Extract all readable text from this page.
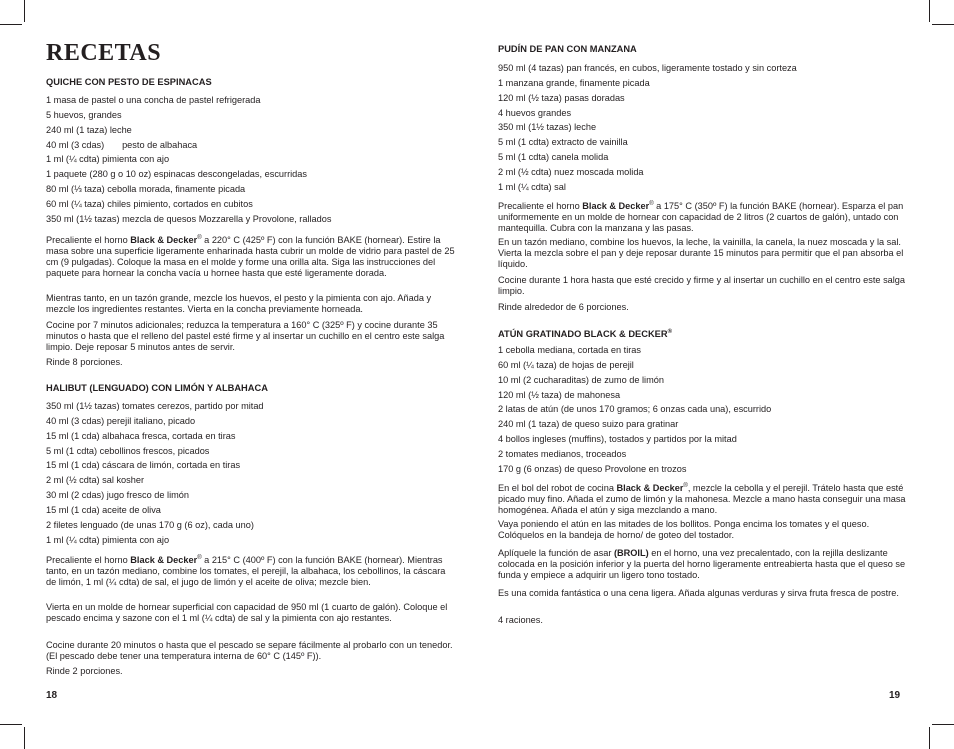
RECETAS
QUICHE CON PESTO DE ESPINACAS
1 masa de pastel o una concha de pastel refrigerada
5 huevos, grandes
240 ml (1 taza) leche
40 ml (3 cdas)       pesto de albahaca
1 ml (¼ cdta) pimienta con ajo
1 paquete (280 g o 10 oz) espinacas descongeladas, escurridas
80 ml (⅓ taza) cebolla morada, finamente picada
60 ml (¼ taza) chiles pimiento, cortados en cubitos
350 ml (1½ tazas) mezcla de quesos Mozzarella y Provolone, rallados

Precaliente el horno Black & Decker® a 220° C (425º F) con la función BAKE (hornear). Estire la masa sobre una superficie ligeramente enharinada hasta cubrir un molde de vidrio para pastel de 25 cm (9 pulgadas). Coloque la masa en el molde y forme una orilla alta. Siga las instrucciones del paquete para hornear la concha vacía u hornee hasta que esté ligeramente dorada.

Mientras tanto, en un tazón grande, mezcle los huevos, el pesto y la pimienta con ajo. Añada y mezcle los ingredientes restantes. Vierta en la concha previamente horneada.

Cocine por 7 minutos adicionales; reduzca la temperatura a 160° C (325º F) y cocine durante 35 minutos o hasta que el relleno del pastel esté firme y al insertar un cuchillo en el centro este salga limpio. Deje reposar 5 minutos antes de servir.

Rinde 8 porciones.

HALIBUT (LENGUADO) CON LIMÓN Y ALBAHACA
350 ml (1½ tazas) tomates cerezos, partido por mitad
40 ml (3 cdas) perejil italiano, picado
15 ml (1 cda) albahaca fresca, cortada en tiras
5 ml (1 cdta) cebollinos frescos, picados
15 ml (1 cda) cáscara de limón, cortada en tiras
2 ml (½ cdta) sal kosher
30 ml (2 cdas) jugo fresco de limón
15 ml (1 cda) aceite de oliva
2 filetes lenguado (de unas 170 g (6 oz), cada uno)
1 ml (¼ cdta) pimienta con ajo

Precaliente el horno Black & Decker® a 215° C (400º F) con la función BAKE (hornear). Mientras tanto, en un tazón mediano, combine los tomates, el perejil, la albahaca, los cebollinos, la cáscara de limón, 1 ml (¼ cdta) de sal, el jugo de limón y el aceite de oliva; mezcle bien.

Vierta en un molde de hornear superficial con capacidad de 950 ml (1 cuarto de galón). Coloque el pescado encima y sazone con el 1 ml (¼ cdta) de sal y la pimienta con ajo restantes.

Cocine durante 20 minutos o hasta que el pescado se separe fácilmente al probarlo con un tenedor. (El pescado debe tener una temperatura interna de 60° C (145º F)).

Rinde 2 porciones.

18
PUDÍN DE PAN CON MANZANA
950 ml (4 tazas) pan francés, en cubos, ligeramente tostado y sin corteza
1 manzana grande, finamente picada
120 ml (½ taza) pasas doradas
4 huevos grandes
350 ml (1½ tazas) leche
5 ml (1 cdta) extracto de vainilla
5 ml (1 cdta) canela molida
2 ml (½ cdta) nuez moscada molida
1 ml (¼ cdta) sal

Precaliente el horno Black & Decker® a 175° C (350º F) la función BAKE (hornear). Esparza el pan uniformemente en un molde de hornear con capacidad de 2 litros (2 cuartos de galón), untado con mantequilla. Cubra con la manzana y las pasas.

En un tazón mediano, combine los huevos, la leche, la vainilla, la canela, la nuez moscada y la sal. Vierta la mezcla sobre el pan y deje reposar durante 15 minutos para permitir que el pan absorba el líquido.

Cocine durante 1 hora hasta que esté crecido y firme y al insertar un cuchillo en el centro este salga limpio.

Rinde alrededor de 6 porciones.

ATÚN GRATINADO BLACK & DECKER®
1 cebolla mediana, cortada en tiras
60 ml (¼ taza) de hojas de perejil
10 ml (2 cucharaditas) de zumo de limón
120 ml (½ taza) de mahonesa
2 latas de atún (de unos 170 gramos; 6 onzas cada una), escurrido
240 ml (1 taza) de queso suizo para gratinar
4 bollos ingleses (muffins), tostados y partidos por la mitad
2 tomates medianos, troceados
170 g (6 onzas) de queso Provolone en trozos

En el bol del robot de cocina Black & Decker®, mezcle la cebolla y el perejil. Trátelo hasta que esté picado muy fino. Añada el zumo de limón y la mahonesa. Mezcle a mano hasta conseguir una masa homogénea. Añada el atún y siga mezclando a mano.

Vaya poniendo el atún en las mitades de los bollitos. Ponga encima los tomates y el queso. Colóquelos en la bandeja de horno/ de goteo del tostador.

Aplíquele la función de asar (BROIL) en el horno, una vez precalentado, con la rejilla deslizante colocada en la posición inferior y la puerta del horno ligeramente entreabierta hasta que el queso se funda y empiece a adquirir un ligero tono tostado.

Es una comida fantástica o una cena ligera. Añada algunas verduras y sirva fruta fresca de postre.

4 raciones.

19
